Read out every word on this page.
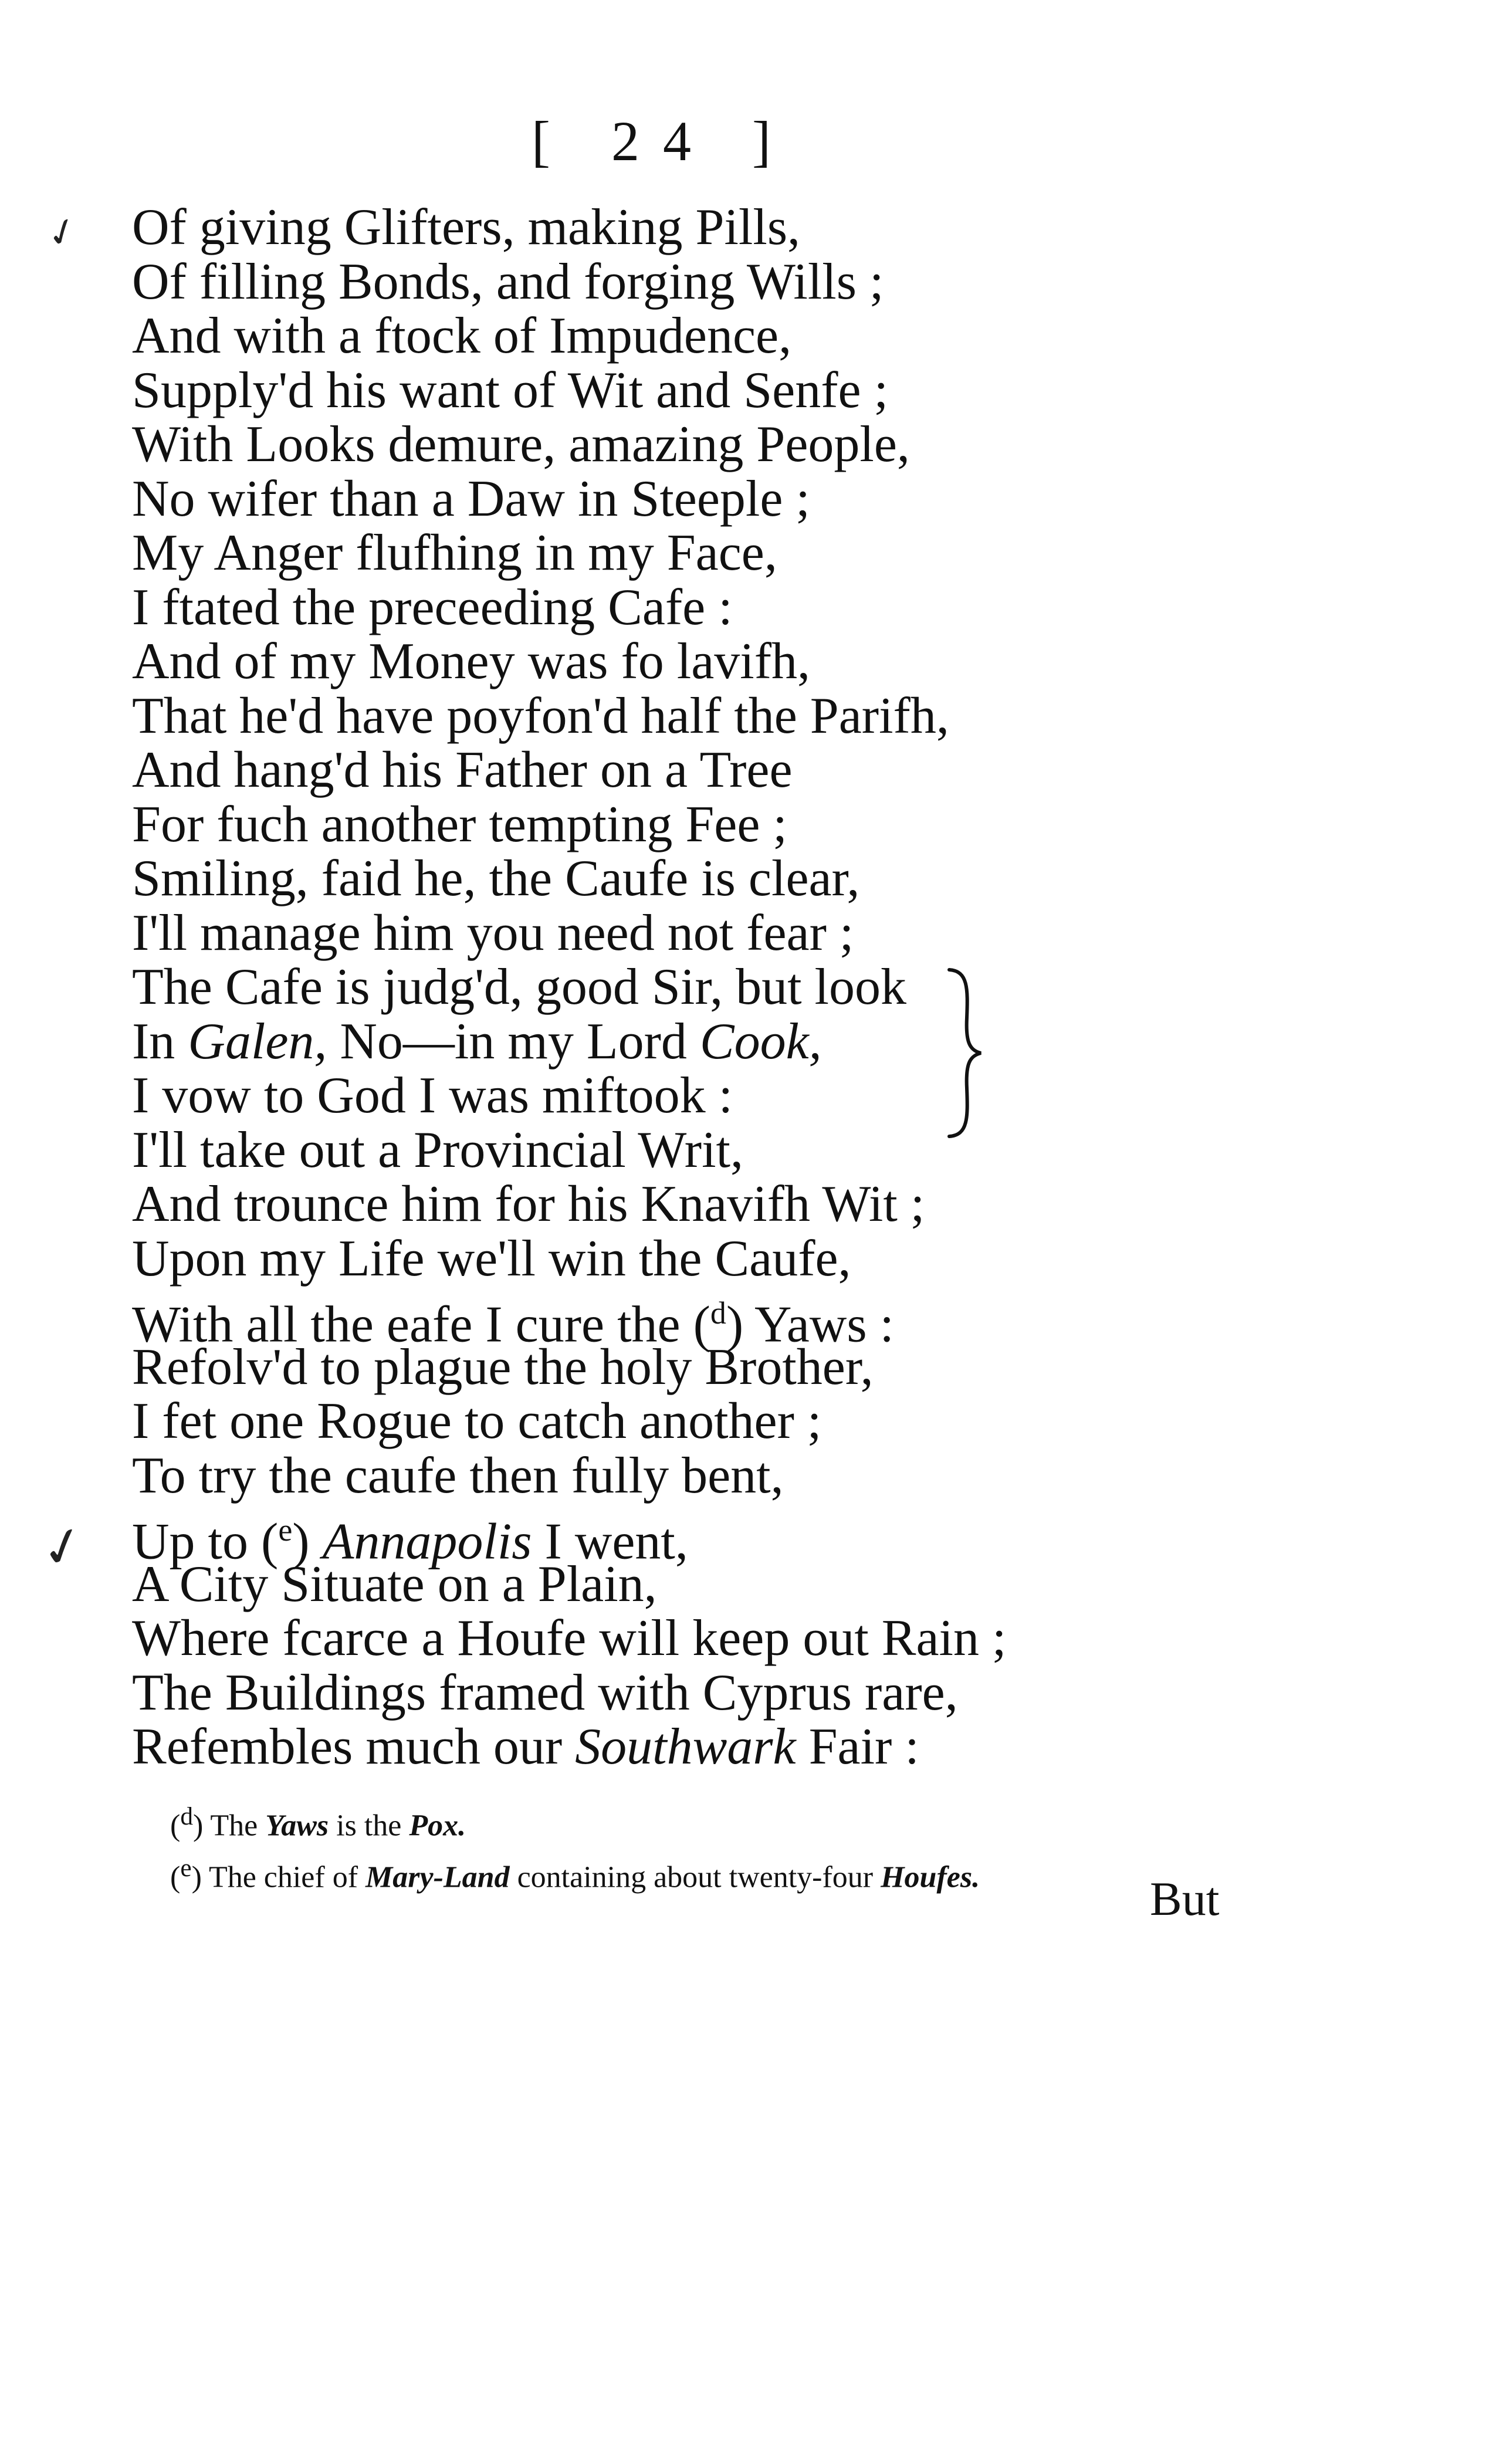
[ 24 ]
✓
✓
Of giving Glifters, making Pills,
Of filling Bonds, and forging Wills ;
And with a ftock of Impudence,
Supply'd his want of Wit and Senfe ;
With Looks demure, amazing People,
No wifer than a Daw in Steeple ;
My Anger flufhing in my Face,
I ftated the preceeding Cafe :
And of my Money was fo lavifh,
That he'd have poyfon'd half the Parifh,
And hang'd his Father on a Tree
For fuch another tempting Fee ;
Smiling, faid he, the Caufe is clear,
I'll manage him you need not fear ;
The Cafe is judg'd, good Sir, but look
In Galen, No—in my Lord Cook,
I vow to God I was miftook :
I'll take out a Provincial Writ,
And trounce him for his Knavifh Wit ;
Upon my Life we'll win the Caufe,
With all the eafe I cure the ($^d$) Yaws :
Refolv'd to plague the holy Brother,
I fet one Rogue to catch another ;
To try the caufe then fully bent,
Up to ($^e$) Annapolis I went,
A City Situate on a Plain,
Where fcarce a Houfe will keep out Rain ;
The Buildings framed with Cyprus rare,
Refembles much our Southwark Fair :
($^d$) The Yaws is the Pox.
($^e$) The chief of Mary-Land containing about twenty-four Houfes.	But
